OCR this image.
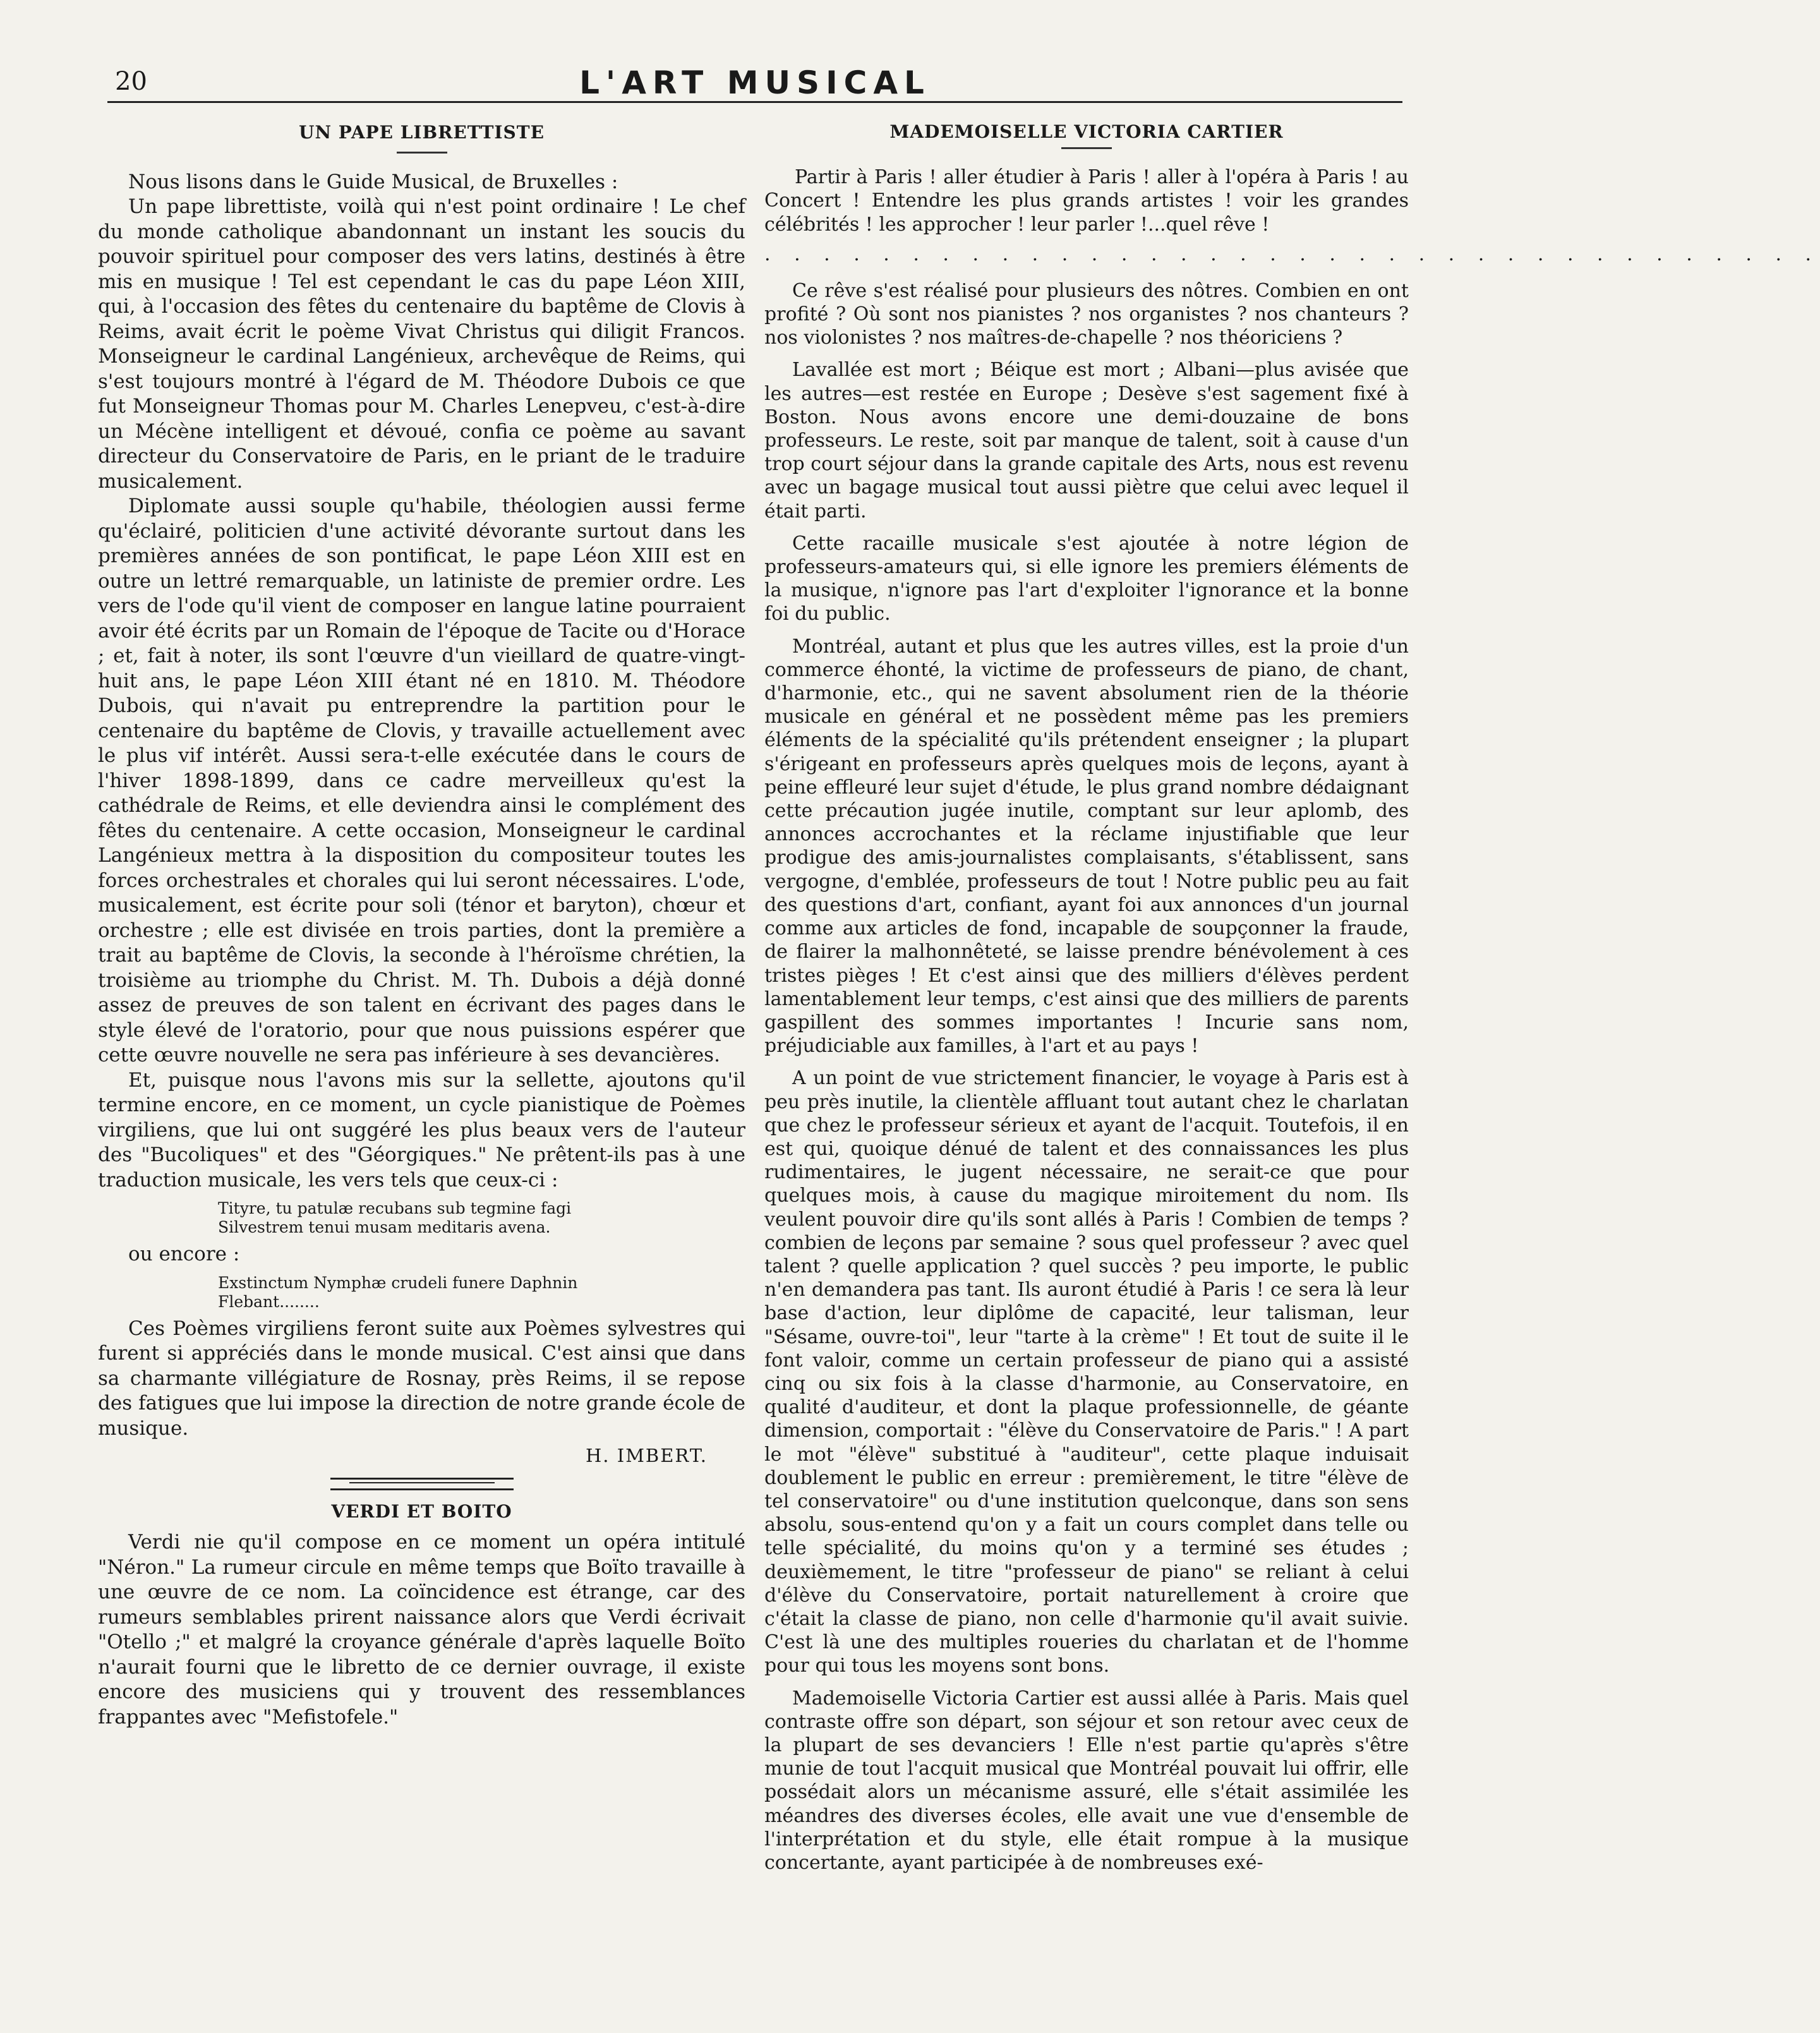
20	L'ART MUSICAL
UN PAPE LIBRETTISTE

Nous lisons dans le Guide Musical, de Bruxelles :

Un pape librettiste, voilà qui n'est point ordinaire ! Le chef du monde catholique abandonnant un instant les soucis du pouvoir spirituel pour composer des vers latins, destinés à être mis en musique ! Tel est cependant le cas du pape Léon XIII, qui, à l'occasion des fêtes du centenaire du baptême de Clovis à Reims, avait écrit le poème Vivat Christus qui diligit Francos. Monseigneur le cardinal Langénieux, archevêque de Reims, qui s'est toujours montré à l'égard de M. Théodore Dubois ce que fut Monseigneur Thomas pour M. Charles Lenepveu, c'est-à-dire un Mécène intelligent et dévoué, confia ce poème au savant directeur du Conservatoire de Paris, en le priant de le traduire musicalement.

Diplomate aussi souple qu'habile, théologien aussi ferme qu'éclairé, politicien d'une activité dévorante surtout dans les premières années de son pontificat, le pape Léon XIII est en outre un lettré remarquable, un latiniste de premier ordre. Les vers de l'ode qu'il vient de composer en langue latine pourraient avoir été écrits par un Romain de l'époque de Tacite ou d'Horace ; et, fait à noter, ils sont l'œuvre d'un vieillard de quatre-vingt-huit ans, le pape Léon XIII étant né en 1810. M. Théodore Dubois, qui n'avait pu entreprendre la partition pour le centenaire du baptême de Clovis, y travaille actuellement avec le plus vif intérêt. Aussi sera-t-elle exécutée dans le cours de l'hiver 1898-1899, dans ce cadre merveilleux qu'est la cathédrale de Reims, et elle deviendra ainsi le complément des fêtes du centenaire. A cette occasion, Monseigneur le cardinal Langénieux mettra à la disposition du compositeur toutes les forces orchestrales et chorales qui lui seront nécessaires. L'ode, musicalement, est écrite pour soli (ténor et baryton), chœur et orchestre ; elle est divisée en trois parties, dont la première a trait au baptême de Clovis, la seconde à l'héroïsme chrétien, la troisième au triomphe du Christ. M. Th. Dubois a déjà donné assez de preuves de son talent en écrivant des pages dans le style élevé de l'oratorio, pour que nous puissions espérer que cette œuvre nouvelle ne sera pas inférieure à ses devancières.

Et, puisque nous l'avons mis sur la sellette, ajoutons qu'il termine encore, en ce moment, un cycle pianistique de Poèmes virgiliens, que lui ont suggéré les plus beaux vers de l'auteur des "Bucoliques" et des "Géorgiques." Ne prêtent-ils pas à une traduction musicale, les vers tels que ceux-ci :

Tityre, tu patulæ recubans sub tegmine fagi
Silvestrem tenui musam meditaris avena.

ou encore :

Exstinctum Nymphæ crudeli funere Daphnin
Flebant........

Ces Poèmes virgiliens feront suite aux Poèmes sylvestres qui furent si appréciés dans le monde musical. C'est ainsi que dans sa charmante villégiature de Rosnay, près Reims, il se repose des fatigues que lui impose la direction de notre grande école de musique.

H. IMBERT.
VERDI ET BOITO

Verdi nie qu'il compose en ce moment un opéra intitulé "Néron." La rumeur circule en même temps que Boïto travaille à une œuvre de ce nom. La coïncidence est étrange, car des rumeurs semblables prirent naissance alors que Verdi écrivait "Otello ;" et malgré la croyance générale d'après laquelle Boïto n'aurait fourni que le libretto de ce dernier ouvrage, il existe encore des musiciens qui y trouvent des ressemblances frappantes avec "Mefistofele."

MADEMOISELLE VICTORIA CARTIER

Partir à Paris ! aller étudier à Paris ! aller à l'opéra à Paris ! au Concert ! Entendre les plus grands artistes ! voir les grandes célébrités ! les approcher ! leur parler !...quel rêve !

. . . . . . . . . . . . . . . . . . . . . . . . . . . . . . . . . . . .

Ce rêve s'est réalisé pour plusieurs des nôtres. Combien en ont profité ? Où sont nos pianistes ? nos organistes ? nos chanteurs ? nos violonistes ? nos maîtres-de-chapelle ? nos théoriciens ?

Lavallée est mort ; Béique est mort ; Albani—plus avisée que les autres—est restée en Europe ; Desève s'est sagement fixé à Boston. Nous avons encore une demi-douzaine de bons professeurs. Le reste, soit par manque de talent, soit à cause d'un trop court séjour dans la grande capitale des Arts, nous est revenu avec un bagage musical tout aussi piètre que celui avec lequel il était parti.

Cette racaille musicale s'est ajoutée à notre légion de professeurs-amateurs qui, si elle ignore les premiers éléments de la musique, n'ignore pas l'art d'exploiter l'ignorance et la bonne foi du public.

Montréal, autant et plus que les autres villes, est la proie d'un commerce éhonté, la victime de professeurs de piano, de chant, d'harmonie, etc., qui ne savent absolument rien de la théorie musicale en général et ne possèdent même pas les premiers éléments de la spécialité qu'ils prétendent enseigner ; la plupart s'érigeant en professeurs après quelques mois de leçons, ayant à peine effleuré leur sujet d'étude, le plus grand nombre dédaignant cette précaution jugée inutile, comptant sur leur aplomb, des annonces accrochantes et la réclame injustifiable que leur prodigue des amis-journalistes complaisants, s'établissent, sans vergogne, d'emblée, professeurs de tout ! Notre public peu au fait des questions d'art, confiant, ayant foi aux annonces d'un journal comme aux articles de fond, incapable de soupçonner la fraude, de flairer la malhonnêteté, se laisse prendre bénévolement à ces tristes pièges ! Et c'est ainsi que des milliers d'élèves perdent lamentablement leur temps, c'est ainsi que des milliers de parents gaspillent des sommes importantes ! Incurie sans nom, préjudiciable aux familles, à l'art et au pays !

A un point de vue strictement financier, le voyage à Paris est à peu près inutile, la clientèle affluant tout autant chez le charlatan que chez le professeur sérieux et ayant de l'acquit. Toutefois, il en est qui, quoique dénué de talent et des connaissances les plus rudimentaires, le jugent nécessaire, ne serait-ce que pour quelques mois, à cause du magique miroitement du nom. Ils veulent pouvoir dire qu'ils sont allés à Paris ! Combien de temps ? combien de leçons par semaine ? sous quel professeur ? avec quel talent ? quelle application ? quel succès ? peu importe, le public n'en demandera pas tant. Ils auront étudié à Paris ! ce sera là leur base d'action, leur diplôme de capacité, leur talisman, leur "Sésame, ouvre-toi", leur "tarte à la crème" ! Et tout de suite il le font valoir, comme un certain professeur de piano qui a assisté cinq ou six fois à la classe d'harmonie, au Conservatoire, en qualité d'auditeur, et dont la plaque professionnelle, de géante dimension, comportait : "élève du Conservatoire de Paris." ! A part le mot "élève" substitué à "auditeur", cette plaque induisait doublement le public en erreur : premièrement, le titre "élève de tel conservatoire" ou d'une institution quelconque, dans son sens absolu, sous-entend qu'on y a fait un cours complet dans telle ou telle spécialité, du moins qu'on y a terminé ses études ; deuxièmement, le titre "professeur de piano" se reliant à celui d'élève du Conservatoire, portait naturellement à croire que c'était la classe de piano, non celle d'harmonie qu'il avait suivie. C'est là une des multiples roueries du charlatan et de l'homme pour qui tous les moyens sont bons.

Mademoiselle Victoria Cartier est aussi allée à Paris. Mais quel contraste offre son départ, son séjour et son retour avec ceux de la plupart de ses devanciers ! Elle n'est partie qu'après s'être munie de tout l'acquit musical que Montréal pouvait lui offrir, elle possédait alors un mécanisme assuré, elle s'était assimilée les méandres des diverses écoles, elle avait une vue d'ensemble de l'interprétation et du style, elle était rompue à la musique concertante, ayant participée à de nombreuses exé-
